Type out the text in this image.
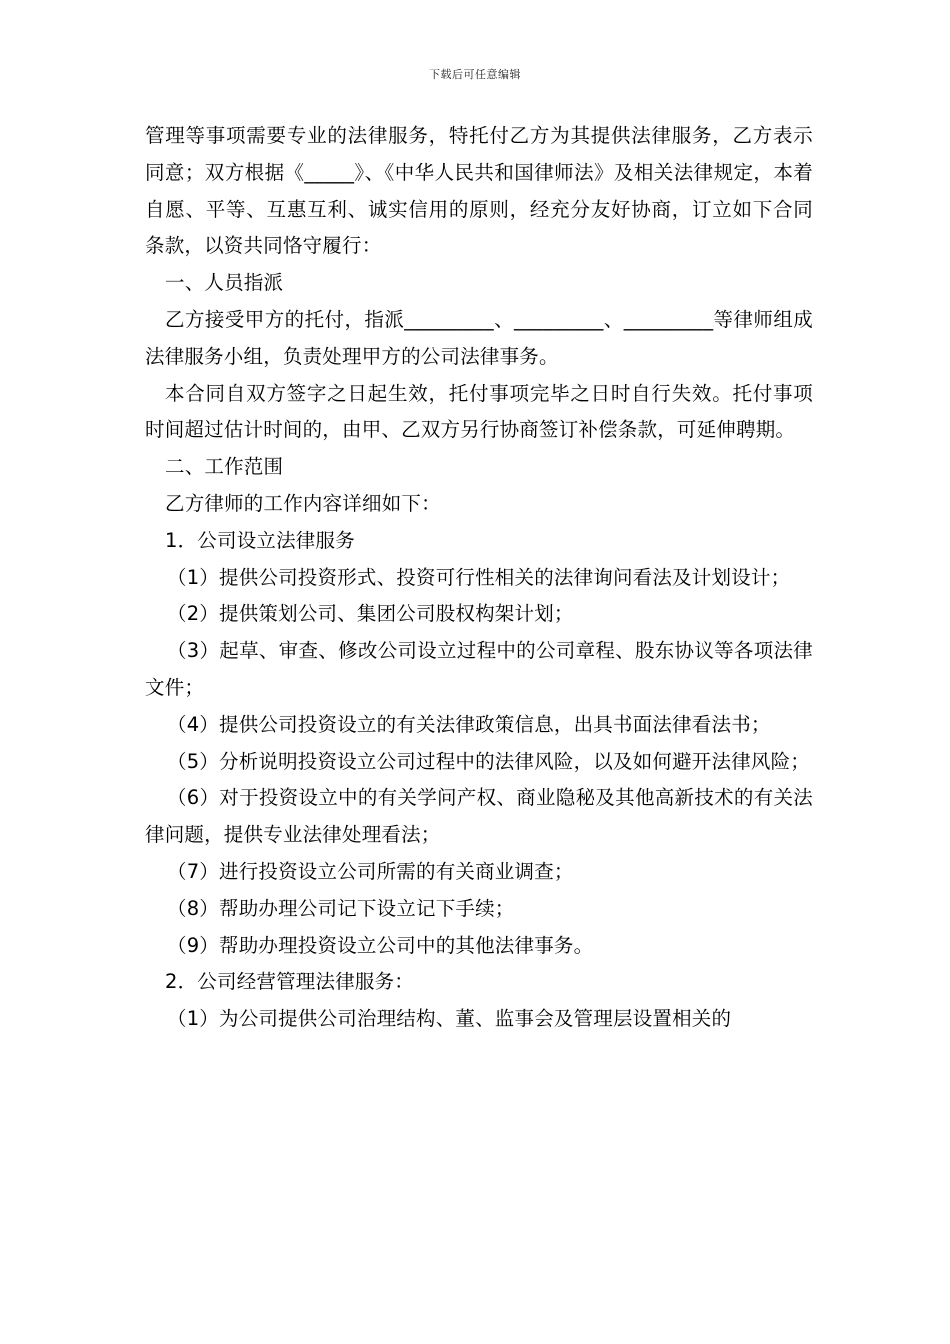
下载后可任意编辑

管理等事项需要专业的法律服务，特托付乙方为其提供法律服务，乙方表示同意；双方根据《_____》、《中华人民共和国律师法》及相关法律规定，本着自愿、平等、互惠互利、诚实信用的原则，经充分友好协商，订立如下合同条款，以资共同恪守履行：

一、人员指派

乙方接受甲方的托付，指派_________、_________、_________等律师组成法律服务小组，负责处理甲方的公司法律事务。

本合同自双方签字之日起生效，托付事项完毕之日时自行失效。托付事项时间超过估计时间的，由甲、乙双方另行协商签订补偿条款，可延伸聘期。

二、工作范围

乙方律师的工作内容详细如下：

1．公司设立法律服务

（1）提供公司投资形式、投资可行性相关的法律询问看法及计划设计；

（2）提供策划公司、集团公司股权构架计划；

（3）起草、审查、修改公司设立过程中的公司章程、股东协议等各项法律文件；

（4）提供公司投资设立的有关法律政策信息，出具书面法律看法书；

（5）分析说明投资设立公司过程中的法律风险，以及如何避开法律风险；

（6）对于投资设立中的有关学问产权、商业隐秘及其他高新技术的有关法律问题，提供专业法律处理看法；

（7）进行投资设立公司所需的有关商业调查；

（8）帮助办理公司记下设立记下手续；

（9）帮助办理投资设立公司中的其他法律事务。

2．公司经营管理法律服务：

（1）为公司提供公司治理结构、董、监事会及管理层设置相关的
